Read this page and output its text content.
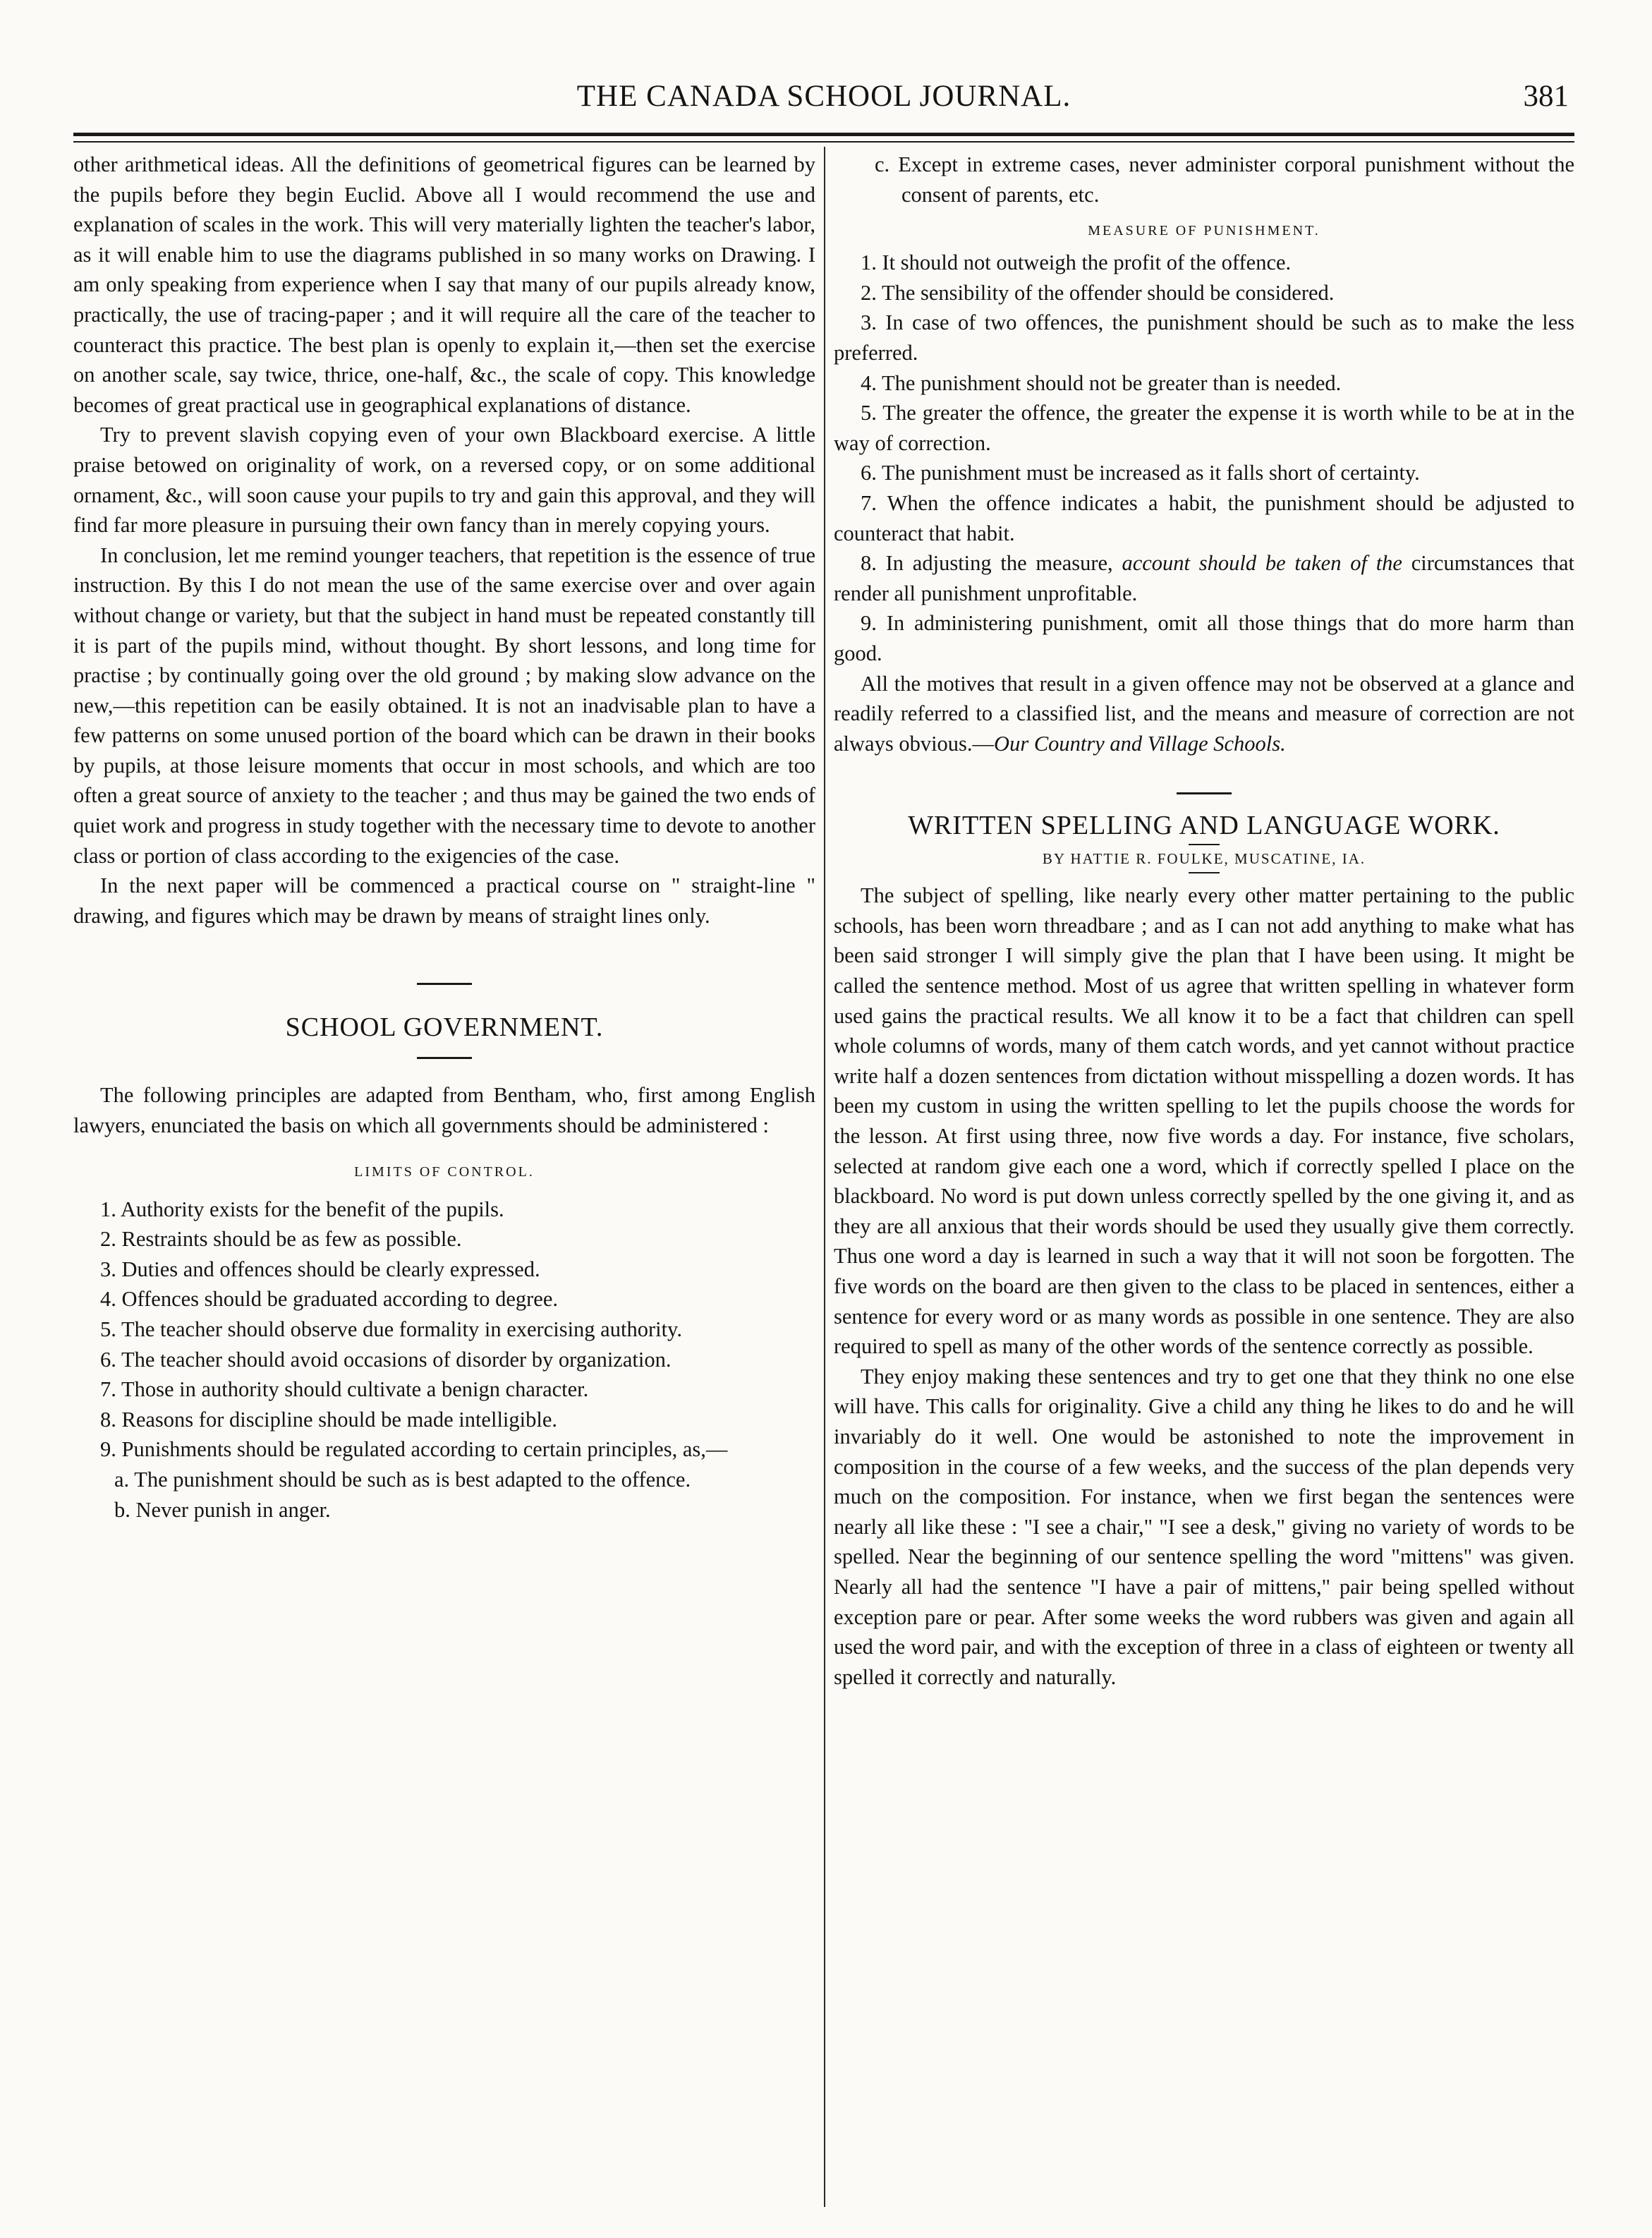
THE CANADA SCHOOL JOURNAL.	381

other arithmetical ideas. All the definitions of geometrical figures can be learned by the pupils before they begin Euclid. Above all I would recommend the use and explanation of scales in the work. This will very materially lighten the teacher's labor, as it will enable him to use the diagrams published in so many works on Drawing. I am only speaking from experience when I say that many of our pupils already know, practically, the use of tracing-paper ; and it will require all the care of the teacher to counteract this practice. The best plan is openly to explain it,—then set the exercise on another scale, say twice, thrice, one-half, &c., the scale of copy. This knowledge becomes of great practical use in geographical explanations of distance.

Try to prevent slavish copying even of your own Blackboard exercise. A little praise betowed on originality of work, on a reversed copy, or on some additional ornament, &c., will soon cause your pupils to try and gain this approval, and they will find far more pleasure in pursuing their own fancy than in merely copying yours.

In conclusion, let me remind younger teachers, that repetition is the essence of true instruction. By this I do not mean the use of the same exercise over and over again without change or variety, but that the subject in hand must be repeated constantly till it is part of the pupils mind, without thought. By short lessons, and long time for practise ; by continually going over the old ground ; by making slow advance on the new,—this repetition can be easily obtained. It is not an inadvisable plan to have a few patterns on some unused portion of the board which can be drawn in their books by pupils, at those leisure moments that occur in most schools, and which are too often a great source of anxiety to the teacher ; and thus may be gained the two ends of quiet work and progress in study together with the necessary time to devote to another class or portion of class according to the exigencies of the case.

In the next paper will be commenced a practical course on " straight-line " drawing, and figures which may be drawn by means of straight lines only.

SCHOOL GOVERNMENT.

The following principles are adapted from Bentham, who, first among English lawyers, enunciated the basis on which all governments should be administered :

LIMITS OF CONTROL.

1. Authority exists for the benefit of the pupils.

2. Restraints should be as few as possible.

3. Duties and offences should be clearly expressed.

4. Offences should be graduated according to degree.

5. The teacher should observe due formality in exercising authority.

6. The teacher should avoid occasions of disorder by organization.

7. Those in authority should cultivate a benign character.

8. Reasons for discipline should be made intelligible.

9. Punishments should be regulated according to certain principles, as,—

a. The punishment should be such as is best adapted to the offence.

b. Never punish in anger.

c. Except in extreme cases, never administer corporal punishment without the consent of parents, etc.

MEASURE OF PUNISHMENT.

1. It should not outweigh the profit of the offence.

2. The sensibility of the offender should be considered.

3. In case of two offences, the punishment should be such as to make the less preferred.

4. The punishment should not be greater than is needed.

5. The greater the offence, the greater the expense it is worth while to be at in the way of correction.

6. The punishment must be increased as it falls short of certainty.

7. When the offence indicates a habit, the punishment should be adjusted to counteract that habit.

8. In adjusting the measure, account should be taken of the circumstances that render all punishment unprofitable.

9. In administering punishment, omit all those things that do more harm than good.

All the motives that result in a given offence may not be observed at a glance and readily referred to a classified list, and the means and measure of correction are not always obvious.—Our Country and Village Schools.

WRITTEN SPELLING AND LANGUAGE WORK.

BY HATTIE R. FOULKE, MUSCATINE, IA.

The subject of spelling, like nearly every other matter pertaining to the public schools, has been worn threadbare ; and as I can not add anything to make what has been said stronger I will simply give the plan that I have been using. It might be called the sentence method. Most of us agree that written spelling in whatever form used gains the practical results. We all know it to be a fact that children can spell whole columns of words, many of them catch words, and yet cannot without practice write half a dozen sentences from dictation without misspelling a dozen words. It has been my custom in using the written spelling to let the pupils choose the words for the lesson. At first using three, now five words a day. For instance, five scholars, selected at random give each one a word, which if correctly spelled I place on the blackboard. No word is put down unless correctly spelled by the one giving it, and as they are all anxious that their words should be used they usually give them correctly. Thus one word a day is learned in such a way that it will not soon be forgotten. The five words on the board are then given to the class to be placed in sentences, either a sentence for every word or as many words as possible in one sentence. They are also required to spell as many of the other words of the sentence correctly as possible.

They enjoy making these sentences and try to get one that they think no one else will have. This calls for originality. Give a child any thing he likes to do and he will invariably do it well. One would be astonished to note the improvement in composition in the course of a few weeks, and the success of the plan depends very much on the composition. For instance, when we first began the sentences were nearly all like these : "I see a chair," "I see a desk," giving no variety of words to be spelled. Near the beginning of our sentence spelling the word "mittens" was given. Nearly all had the sentence "I have a pair of mittens," pair being spelled without exception pare or pear. After some weeks the word rubbers was given and again all used the word pair, and with the exception of three in a class of eighteen or twenty all spelled it correctly and naturally.
